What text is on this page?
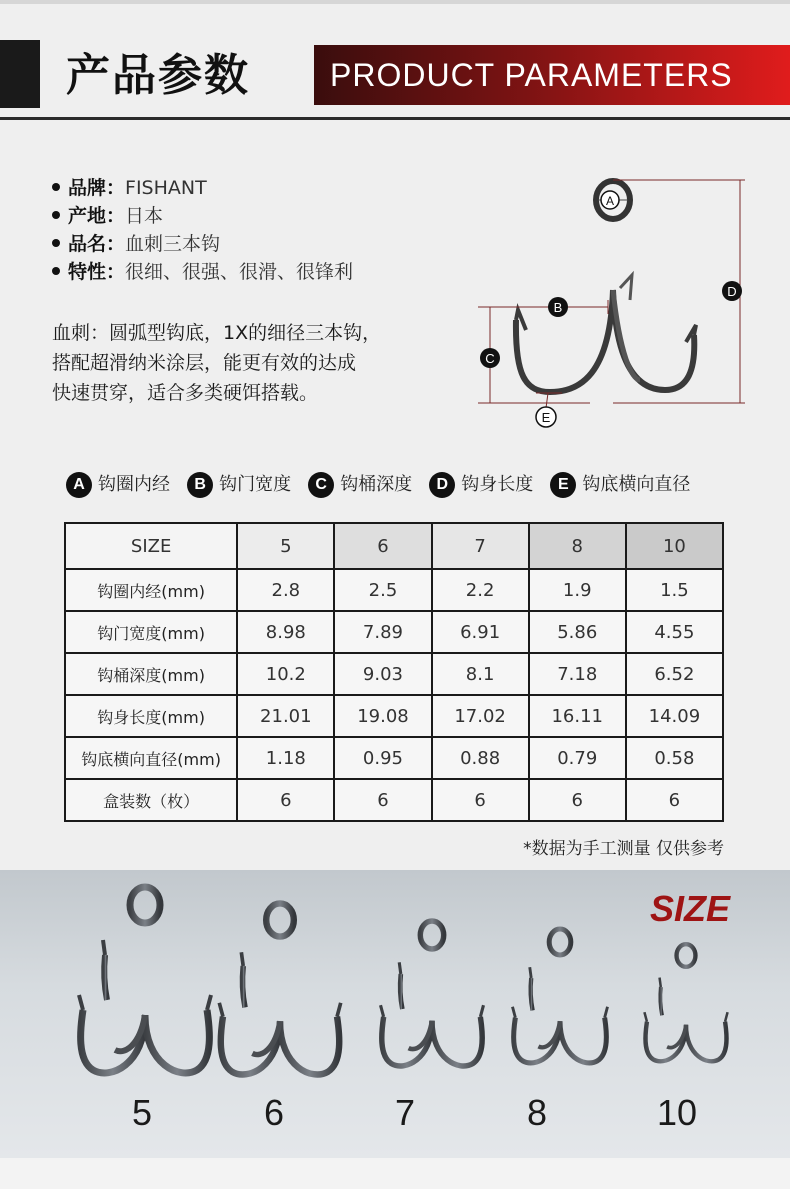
产品参数	PRODUCT PARAMETERS
品牌：FISHANT
产地：日本
品名：血刺三本钩
特性：很细、很强、很滑、很锋利

血刺：圆弧型钩底，1X的细径三本钩，

搭配超滑纳米涂层，能更有效的达成

快速贯穿，适合多类硬饵搭载。

A
D
B
C
E
A 钩圈内经 B 钩门宽度 C 钩桶深度 D 钩身长度 E 钩底横向直径
SIZE	5	6	7	8	10
钩圈内经(mm)	2.8	2.5	2.2	1.9	1.5
钩门宽度(mm)	8.98	7.89	6.91	5.86	4.55
钩桶深度(mm)	10.2	9.03	8.1	7.18	6.52
钩身长度(mm)	21.01	19.08	17.02	16.11	14.09
钩底横向直径(mm)	1.18	0.95	0.88	0.79	0.58
盒装数（枚）	6	6	6	6	6
*数据为手工测量 仅供参考
SIZE
5	6	7	8	10
